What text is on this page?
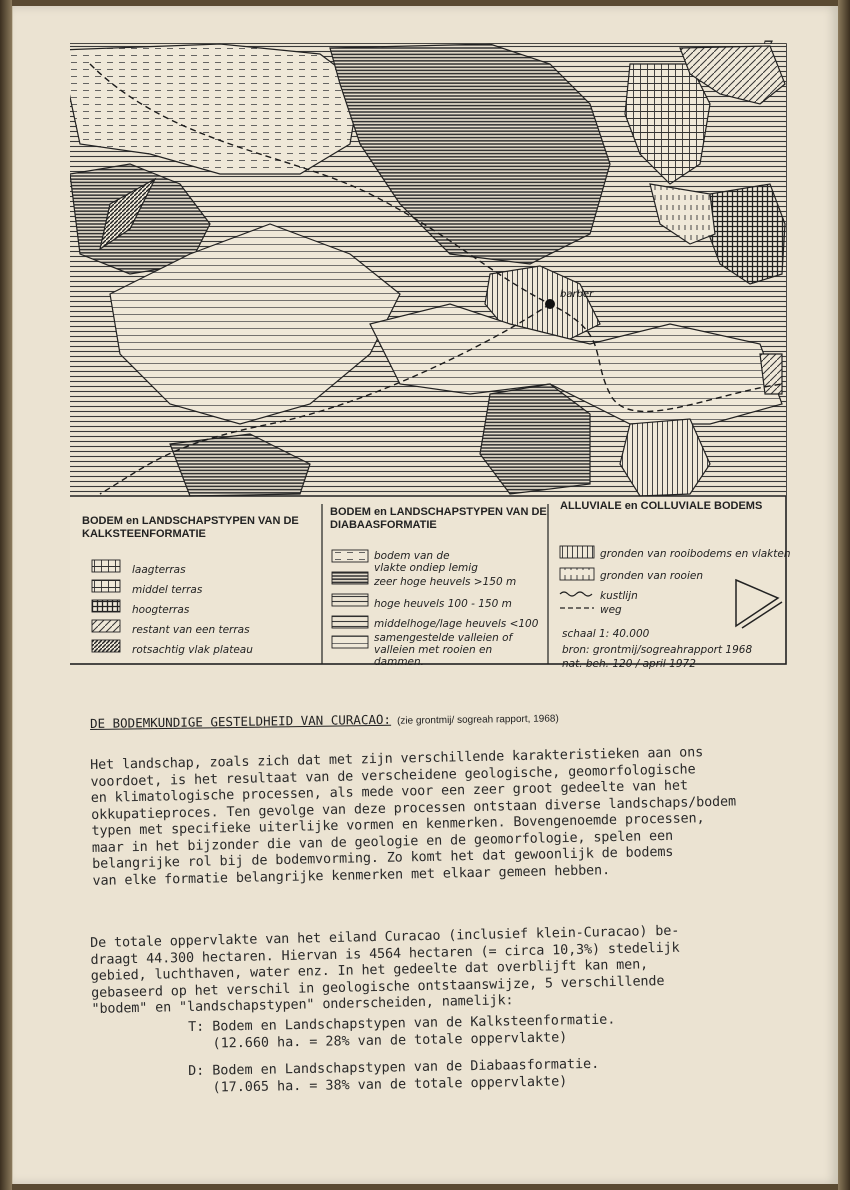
barber
BODEM en LANDSCHAPSTYPEN VAN DE KALKSTEENFORMATIE
laagterras
middel terras
hoogterras
restant van een terras
rotsachtig vlak plateau
BODEM en LANDSCHAPSTYPEN VAN DE DIABAASFORMATIE
bodem van de vlakte ondiep lemig
zeer hoge heuvels >150 m
hoge heuvels 100 - 150 m
middelhoge/lage heuvels <100
samengestelde valleien of valleien met rooien en dammen.
ALLUVIALE en COLLUVIALE BODEMS
gronden van rooibodems en vlakten
gronden van rooien
kustlijn
weg
schaal 1: 40.000
bron: grontmij/sogreahrapport 1968
nat. beh. 120 / april 1972
DE BODEMKUNDIGE GESTELDHEID VAN CURACAO: (zie grontmij/ sogreah rapport, 1968)
Het landschap, zoals zich dat met zijn verschillende karakteristieken aan ons
voordoet, is het resultaat van de verscheidene geologische, geomorfologische
en klimatologische processen, als mede voor een zeer groot gedeelte van het
okkupatieproces. Ten gevolge van deze processen ontstaan diverse landschaps/bodem
typen met specifieke uiterlijke vormen en kenmerken. Bovengenoemde processen,
maar in het bijzonder die van de geologie en de geomorfologie, spelen een
belangrijke rol bij de bodemvorming. Zo komt het dat gewoonlijk de bodems
van elke formatie belangrijke kenmerken met elkaar gemeen hebben.
De totale oppervlakte van het eiland Curacao (inclusief klein-Curacao) be-
draagt 44.300 hectaren. Hiervan is 4564 hectaren (= circa 10,3%) stedelijk
gebied, luchthaven, water enz. In het gedeelte dat overblijft kan men,
gebaseerd op het verschil in geologische ontstaanswijze, 5 verschillende
"bodem" en "landschapstypen" onderscheiden, namelijk:
T: Bodem en Landschapstypen van de Kalksteenformatie.
(12.660 ha. = 28% van de totale oppervlakte)
D: Bodem en Landschapstypen van de Diabaasformatie.
(17.065 ha. = 38% van de totale oppervlakte)
